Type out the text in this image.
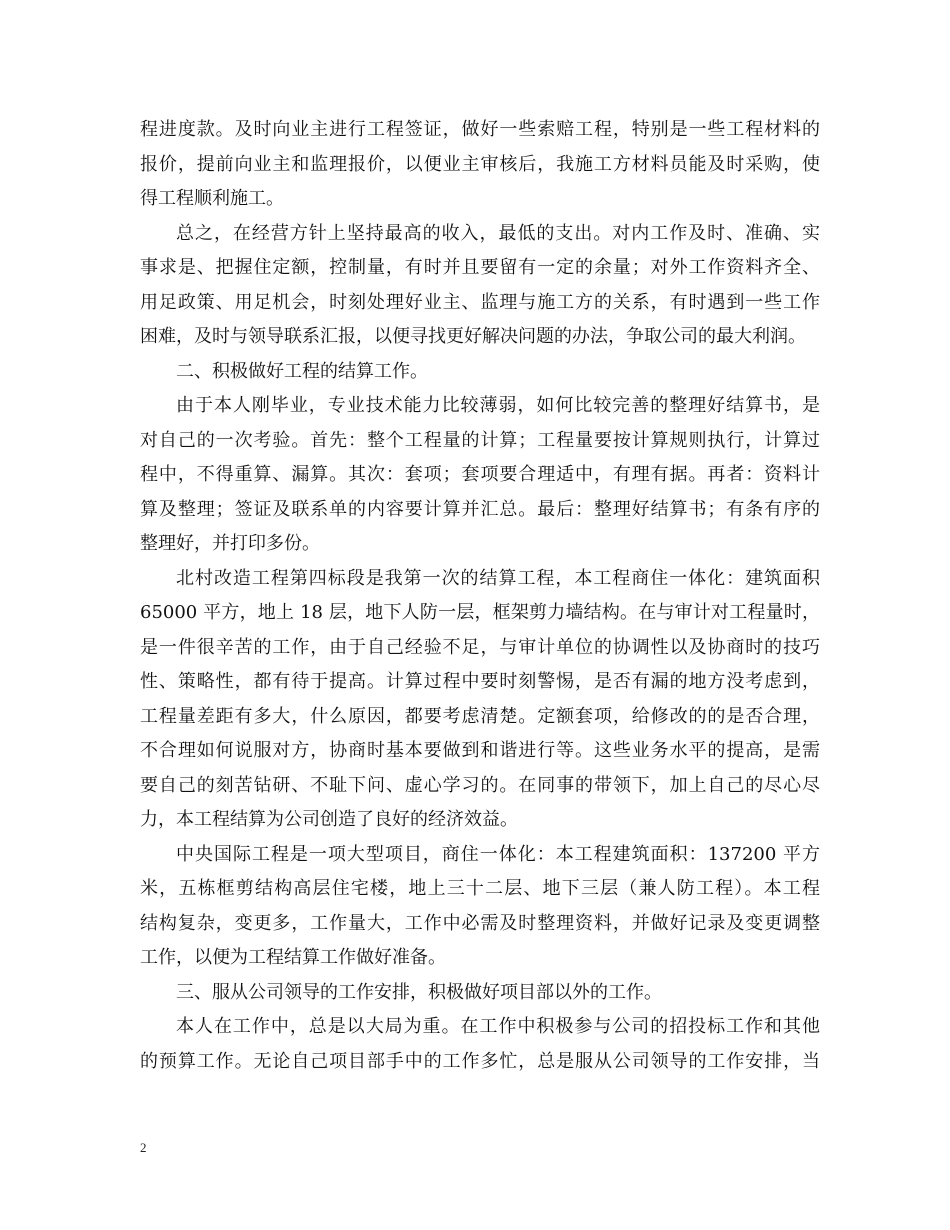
程进度款。及时向业主进行工程签证，做好一些索赔工程，特别是一些工程材料的
报价，提前向业主和监理报价，以便业主审核后，我施工方材料员能及时采购，使
得工程顺利施工。
总之，在经营方针上坚持最高的收入，最低的支出。对内工作及时、准确、实
事求是、把握住定额，控制量，有时并且要留有一定的余量；对外工作资料齐全、
用足政策、用足机会，时刻处理好业主、监理与施工方的关系，有时遇到一些工作
困难，及时与领导联系汇报，以便寻找更好解决问题的办法，争取公司的最大利润。
二、积极做好工程的结算工作。
由于本人刚毕业，专业技术能力比较薄弱，如何比较完善的整理好结算书，是
对自己的一次考验。首先：整个工程量的计算；工程量要按计算规则执行，计算过
程中，不得重算、漏算。其次：套项；套项要合理适中，有理有据。再者：资料计
算及整理；签证及联系单的内容要计算并汇总。最后：整理好结算书；有条有序的
整理好，并打印多份。
北村改造工程第四标段是我第一次的结算工程，本工程商住一体化：建筑面积
65000 平方，地上 18 层，地下人防一层，框架剪力墙结构。在与审计对工程量时，
是一件很辛苦的工作，由于自己经验不足，与审计单位的协调性以及协商时的技巧
性、策略性，都有待于提高。计算过程中要时刻警惕，是否有漏的地方没考虑到，
工程量差距有多大，什么原因，都要考虑清楚。定额套项，给修改的的是否合理，
不合理如何说服对方，协商时基本要做到和谐进行等。这些业务水平的提高，是需
要自己的刻苦钻研、不耻下问、虚心学习的。在同事的带领下，加上自己的尽心尽
力，本工程结算为公司创造了良好的经济效益。
中央国际工程是一项大型项目，商住一体化：本工程建筑面积：137200 平方
米，五栋框剪结构高层住宅楼，地上三十二层、地下三层（兼人防工程）。本工程
结构复杂，变更多，工作量大，工作中必需及时整理资料，并做好记录及变更调整
工作，以便为工程结算工作做好准备。
三、服从公司领导的工作安排，积极做好项目部以外的工作。
本人在工作中，总是以大局为重。在工作中积极参与公司的招投标工作和其他
的预算工作。无论自己项目部手中的工作多忙，总是服从公司领导的工作安排，当
2
